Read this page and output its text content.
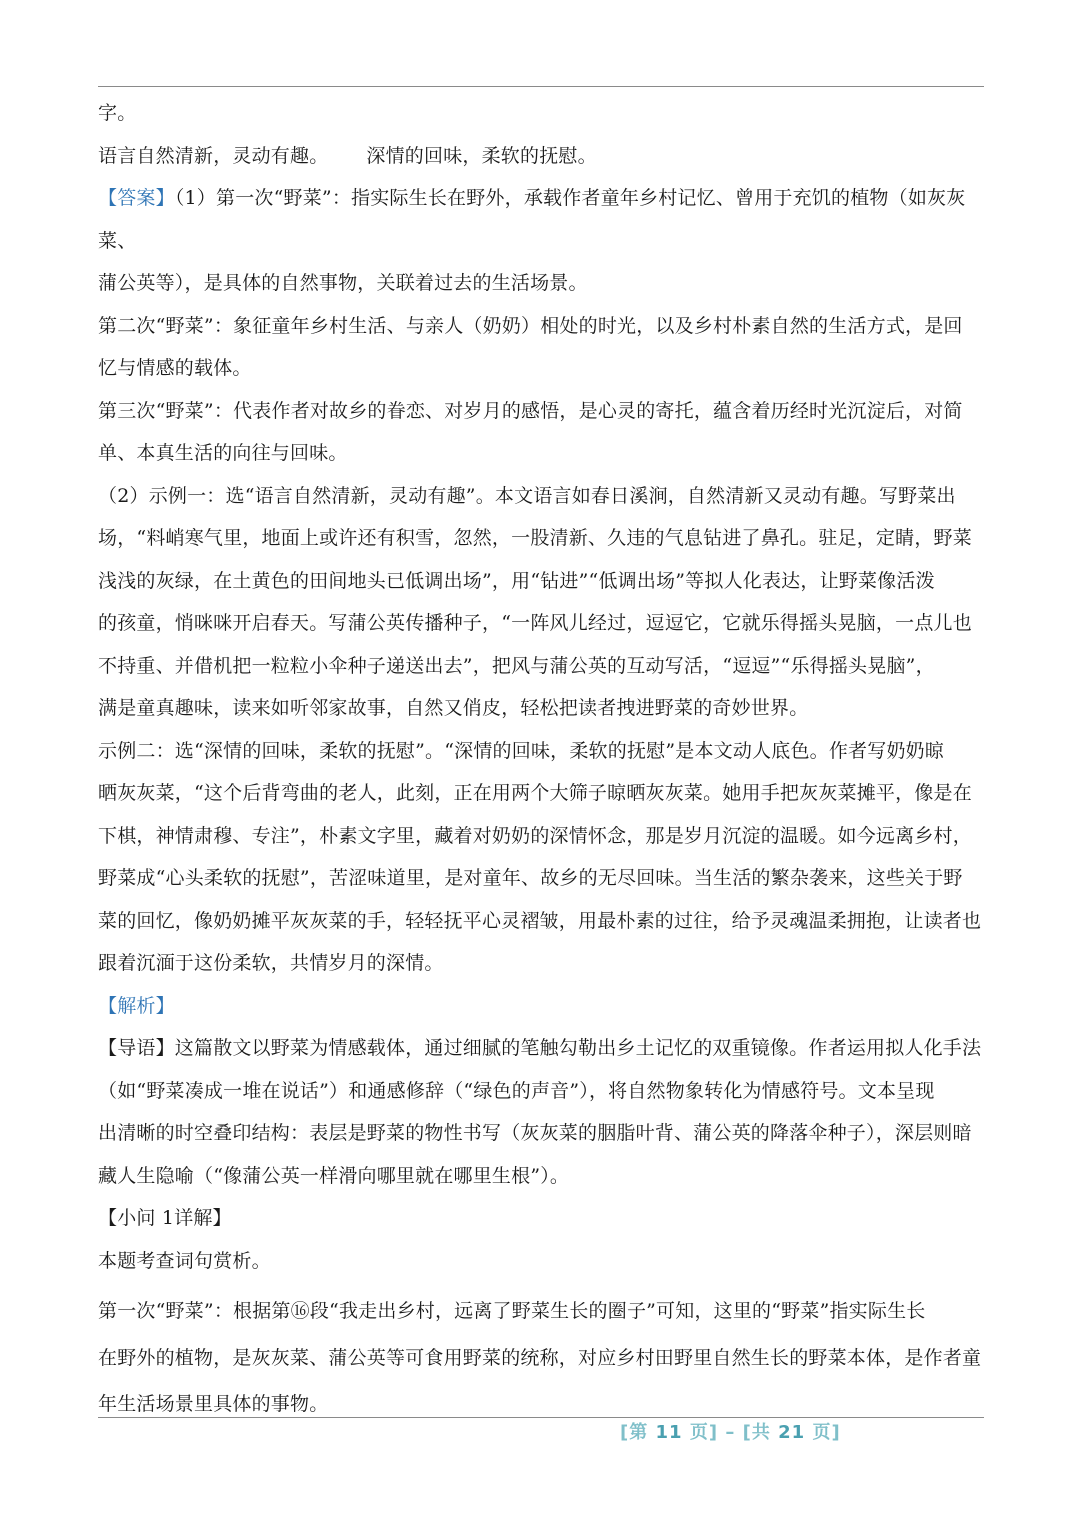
字。

语言自然清新，灵动有趣。 深情的回味，柔软的抚慰。

【答案】（1）第一次“野菜”：指实际生长在野外，承载作者童年乡村记忆、曾用于充饥的植物（如灰灰菜、

蒲公英等），是具体的自然事物，关联着过去的生活场景。

第二次“野菜”：象征童年乡村生活、与亲人（奶奶）相处的时光，以及乡村朴素自然的生活方式，是回

忆与情感的载体。

第三次“野菜”：代表作者对故乡的眷恋、对岁月的感悟，是心灵的寄托，蕴含着历经时光沉淀后，对简

单、本真生活的向往与回味。

（2）示例一：选“语言自然清新，灵动有趣”。本文语言如春日溪涧，自然清新又灵动有趣。写野菜出

场，“料峭寒气里，地面上或许还有积雪，忽然，一股清新、久违的气息钻进了鼻孔。驻足，定睛，野菜

浅浅的灰绿，在土黄色的田间地头已低调出场”，用“钻进”“低调出场”等拟人化表达，让野菜像活泼

的孩童，悄咪咪开启春天。写蒲公英传播种子，“一阵风儿经过，逗逗它，它就乐得摇头晃脑，一点儿也

不持重、并借机把一粒粒小伞种子递送出去”，把风与蒲公英的互动写活，“逗逗”“乐得摇头晃脑”，

满是童真趣味，读来如听邻家故事，自然又俏皮，轻松把读者拽进野菜的奇妙世界。

示例二：选“深情的回味，柔软的抚慰”。“深情的回味，柔软的抚慰”是本文动人底色。作者写奶奶晾

晒灰灰菜，“这个后背弯曲的老人，此刻，正在用两个大筛子晾晒灰灰菜。她用手把灰灰菜摊平，像是在

下棋，神情肃穆、专注”，朴素文字里，藏着对奶奶的深情怀念，那是岁月沉淀的温暖。如今远离乡村，

野菜成“心头柔软的抚慰”，苦涩味道里，是对童年、故乡的无尽回味。当生活的繁杂袭来，这些关于野

菜的回忆，像奶奶摊平灰灰菜的手，轻轻抚平心灵褶皱，用最朴素的过往，给予灵魂温柔拥抱，让读者也

跟着沉湎于这份柔软，共情岁月的深情。

【解析】

【导语】这篇散文以野菜为情感载体，通过细腻的笔触勾勒出乡土记忆的双重镜像。作者运用拟人化手法

（如“野菜凑成一堆在说话”）和通感修辞（“绿色的声音”），将自然物象转化为情感符号。文本呈现

出清晰的时空叠印结构：表层是野菜的物性书写（灰灰菜的胭脂叶背、蒲公英的降落伞种子），深层则暗

藏人生隐喻（“像蒲公英一样滑向哪里就在哪里生根”）。

【小问 1详解】

本题考查词句赏析。

第一次“野菜”：根据第⑯段“我走出乡村，远离了野菜生长的圈子”可知，这里的“野菜”指实际生长

在野外的植物，是灰灰菜、蒲公英等可食用野菜的统称，对应乡村田野里自然生长的野菜本体，是作者童

年生活场景里具体的事物。

[第 11 页] – [共 21 页]
